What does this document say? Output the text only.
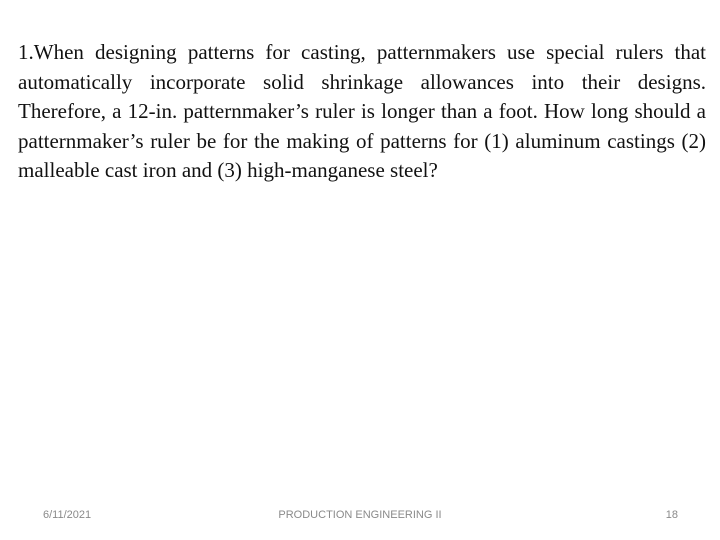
1.When designing patterns for casting, patternmakers use special rulers that automatically incorporate solid shrinkage allowances into their designs. Therefore, a 12-in. patternmaker’s ruler is longer than a foot. How long should a patternmaker’s ruler be for the making of patterns for (1) aluminum castings (2) malleable cast iron and (3) high-manganese steel?

6/11/2021	PRODUCTION ENGINEERING II	18
